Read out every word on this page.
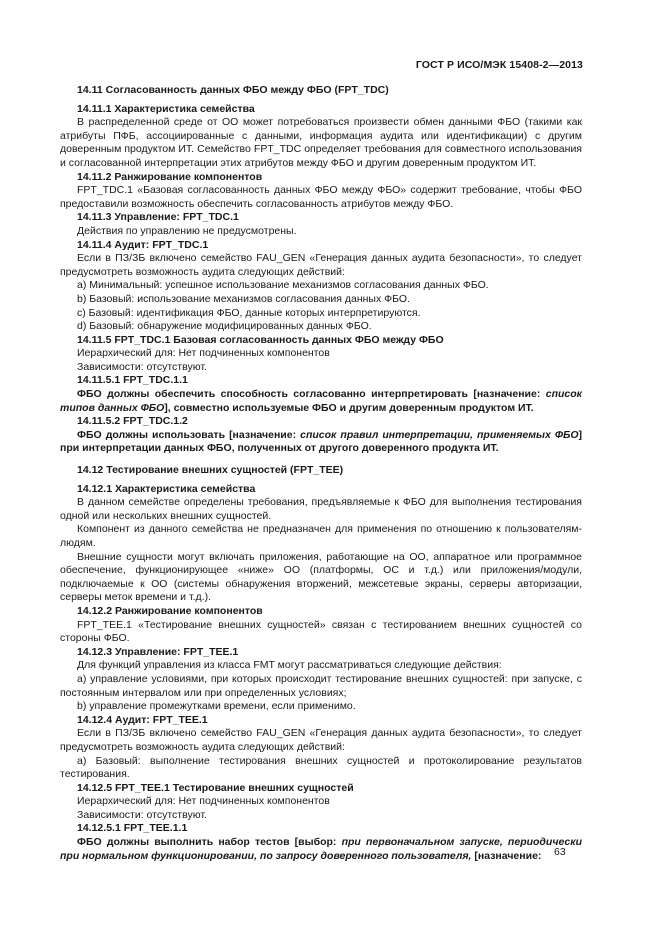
ГОСТ Р ИСО/МЭК 15408-2—2013

14.11 Согласованность данных ФБО между ФБО (FPT_TDC)

14.11.1 Характеристика семейства

В распределенной среде от ОО может потребоваться произвести обмен данными ФБО (такими как атрибуты ПФБ, ассоциированные с данными, информация аудита или идентификации) с другим доверенным продуктом ИТ. Семейство FPT_TDC определяет требования для совместного использования и согласованной интерпретации этих атрибутов между ФБО и другим доверенным продуктом ИТ.

14.11.2 Ранжирование компонентов

FPT_TDC.1 «Базовая согласованность данных ФБО между ФБО» содержит требование, чтобы ФБО предоставили возможность обеспечить согласованность атрибутов между ФБО.

14.11.3 Управление: FPT_TDC.1

Действия по управлению не предусмотрены.

14.11.4 Аудит: FPT_TDC.1

Если в ПЗ/ЗБ включено семейство FAU_GEN «Генерация данных аудита безопасности», то следует предусмотреть возможность аудита следующих действий:

a) Минимальный: успешное использование механизмов согласования данных ФБО.

b) Базовый: использование механизмов согласования данных ФБО.

c) Базовый: идентификация ФБО, данные которых интерпретируются.

d) Базовый: обнаружение модифицированных данных ФБО.

14.11.5 FPT_TDC.1 Базовая согласованность данных ФБО между ФБО

Иерархический для: Нет подчиненных компонентов

Зависимости: отсутствуют.

14.11.5.1 FPT_TDC.1.1

ФБО должны обеспечить способность согласованно интерпретировать [назначение: список типов данных ФБО], совместно используемые ФБО и другим доверенным продуктом ИТ.

14.11.5.2 FPT_TDC.1.2

ФБО должны использовать [назначение: список правил интерпретации, применяемых ФБО] при интерпретации данных ФБО, полученных от другого доверенного продукта ИТ.

14.12 Тестирование внешних сущностей (FPT_TEE)

14.12.1 Характеристика семейства

В данном семействе определены требования, предъявляемые к ФБО для выполнения тестирования одной или нескольких внешних сущностей.

Компонент из данного семейства не предназначен для применения по отношению к пользователям-людям.

Внешние сущности могут включать приложения, работающие на ОО, аппаратное или программное обеспечение, функционирующее «ниже» ОО (платформы, ОС и т.д.) или приложения/модули, подключаемые к ОО (системы обнаружения вторжений, межсетевые экраны, серверы авторизации, серверы меток времени и т.д.).

14.12.2 Ранжирование компонентов

FPT_TEE.1 «Тестирование внешних сущностей» связан с тестированием внешних сущностей со стороны ФБО.

14.12.3 Управление: FPT_TEE.1

Для функций управления из класса FMT могут рассматриваться следующие действия:

a) управление условиями, при которых происходит тестирование внешних сущностей: при запуске, с постоянным интервалом или при определенных условиях;

b) управление промежутками времени, если применимо.

14.12.4 Аудит: FPT_TEE.1

Если в ПЗ/ЗБ включено семейство FAU_GEN «Генерация данных аудита безопасности», то следует предусмотреть возможность аудита следующих действий:

a) Базовый: выполнение тестирования внешних сущностей и протоколирование результатов тестирования.

14.12.5 FPT_TEE.1 Тестирование внешних сущностей

Иерархический для: Нет подчиненных компонентов

Зависимости: отсутствуют.

14.12.5.1 FPT_TEE.1.1

ФБО должны выполнить набор тестов [выбор: при первоначальном запуске, периодически при нормальном функционировании, по запросу доверенного пользователя, [назначение:	63
